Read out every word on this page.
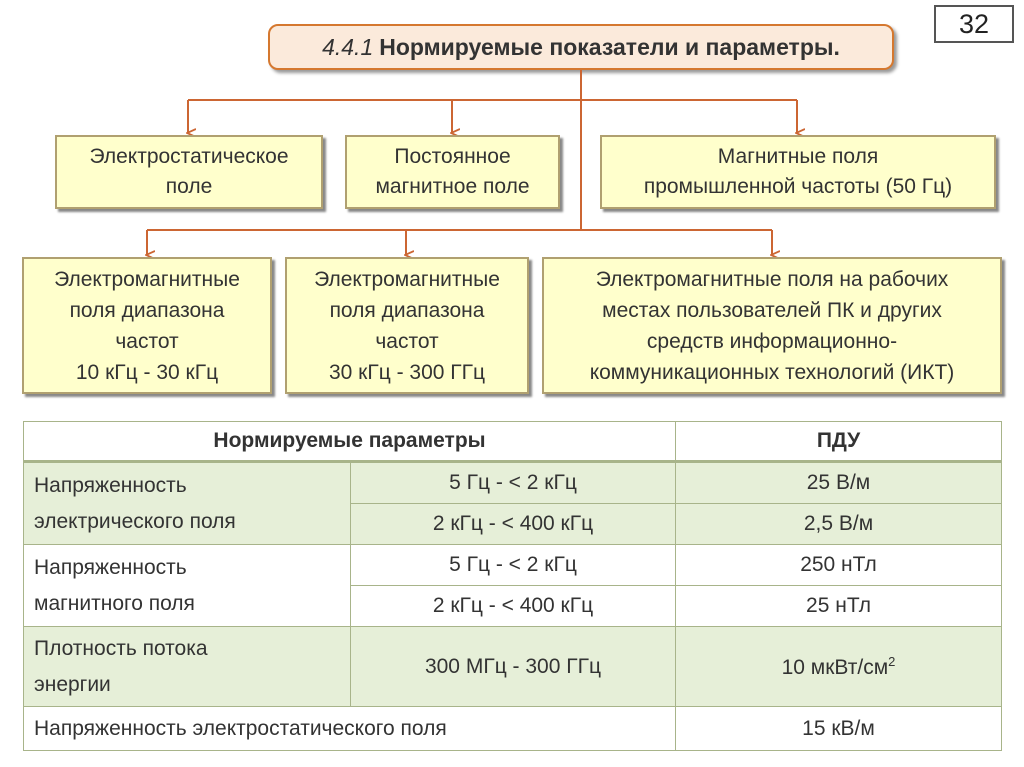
32
4.4.1 Нормируемые показатели и параметры.
Электростатическое
поле
Постоянное
магнитное поле
Магнитные поля
промышленной частоты (50 Гц)
Электромагнитные
поля диапазона
частот
10 кГц - 30 кГц
Электромагнитные
поля диапазона
частот
30 кГц - 300 ГГц
Электромагнитные поля на рабочих
местах пользователей ПК и других
средств информационно-
коммуникационных технологий (ИКТ)
Нормируемые параметры		ПДУ

Напряженность
электрического поля	5 Гц - < 2 кГц	25 В/м
	2 кГц - < 400 кГц	2,5 В/м

Напряженность
магнитного поля	5 Гц - < 2 кГц	250 нТл
	2 кГц - < 400 кГц	25 нТл

Плотность потока
энергии	300 МГц - 300 ГГц	10 мкВт/$см^2$
Напряженность электростатического поля		15 кВ/м
